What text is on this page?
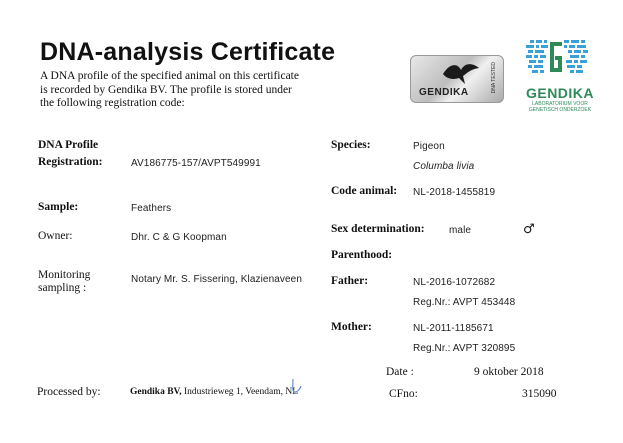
DNA-analysis Certificate
A DNA profile of the specified animal on this certificate is recorded by Gendika BV. The profile is stored under the following registration code:
GENDIKA	DNA TESTED	GENDIKA
LABORATORIUM VOOR
GENETISCH ONDERZOEK
DNA Profile
Registration:	AV186775-157/AVPT549991
Sample:	Feathers
Owner:	Dhr. C & G Koopman
Monitoring
sampling :
Notary Mr. S. Fissering, Klazienaveen
Species:	Pigeon
Columba livia
Code animal: NL-2018-1455819
Sex determination: male	♂
Parenthood:
Father:	NL-2016-1072682
Reg.Nr.: AVPT 453448
Mother:	NL-2011-1185671
Reg.Nr.: AVPT 320895
Date :	9 oktober 2018
Processed by:	Gendika BV, Industrieweg 1, Veendam, NL	CFno:	315090
